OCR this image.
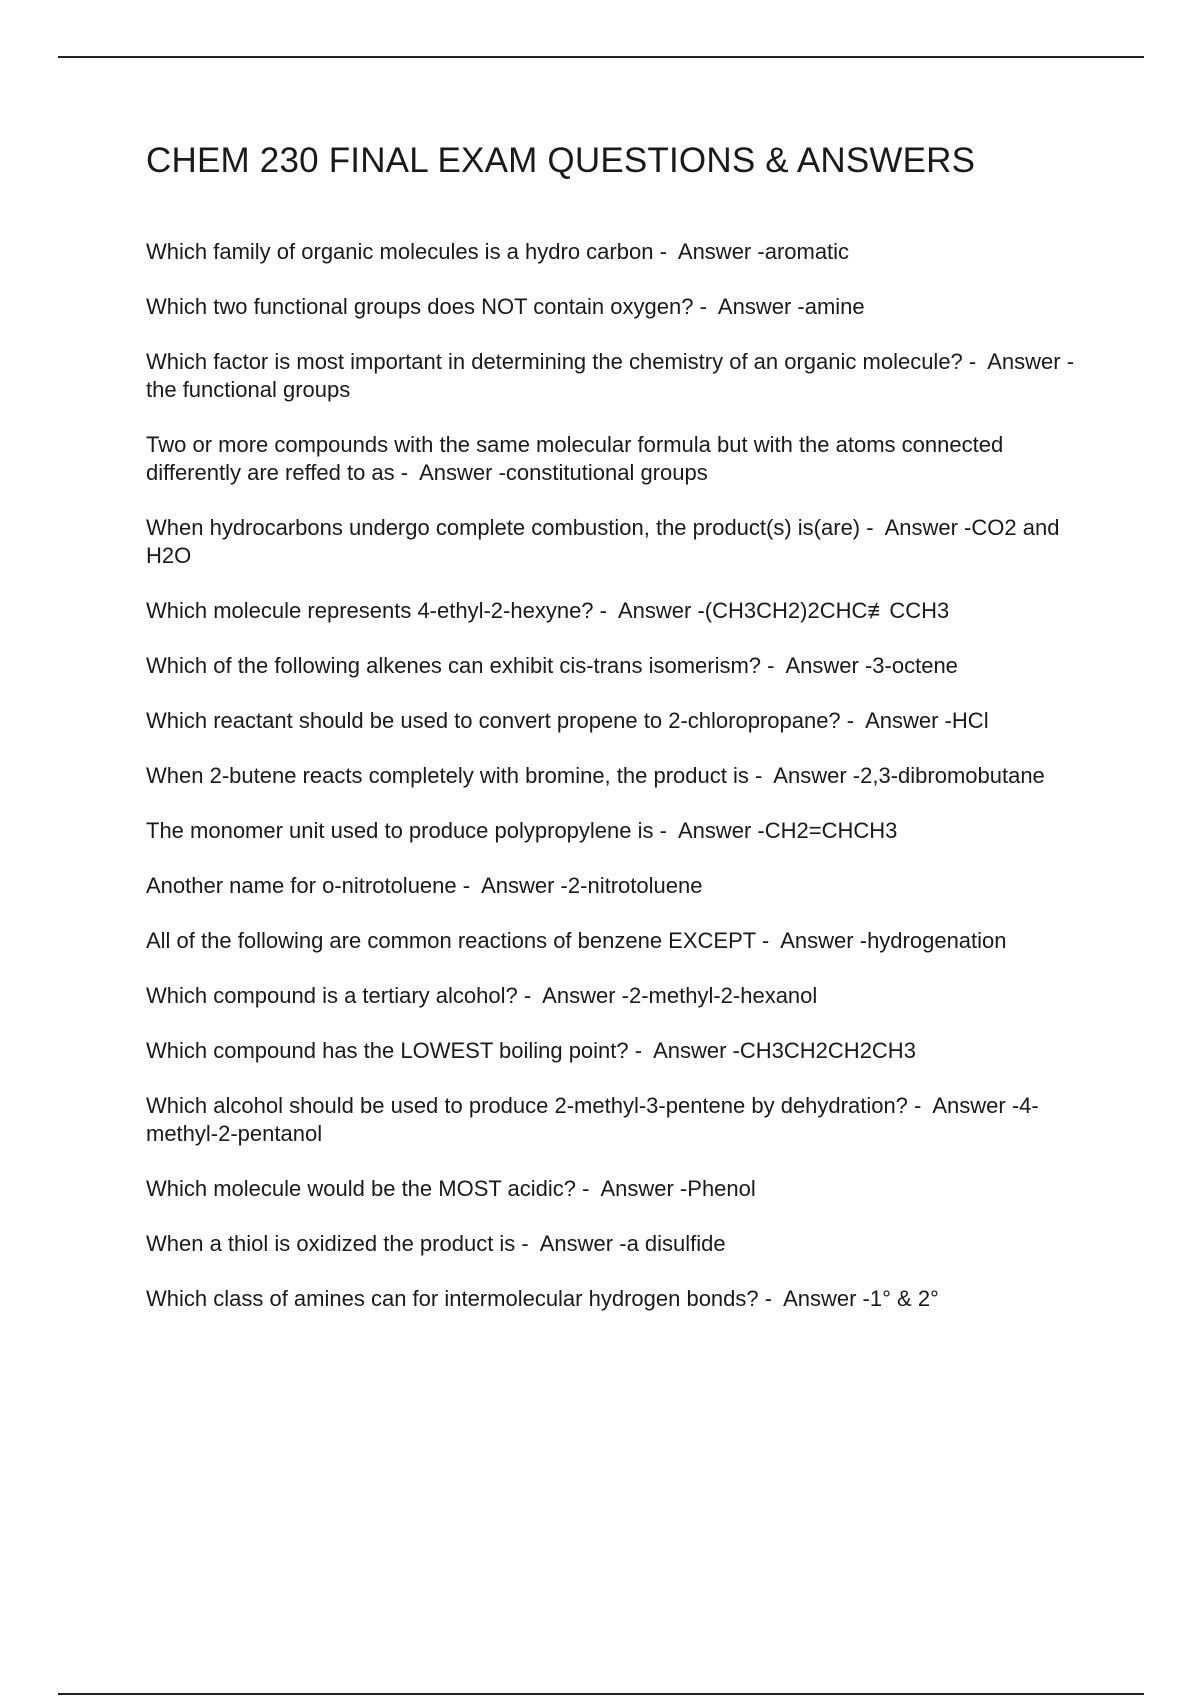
CHEM 230 FINAL EXAM QUESTIONS & ANSWERS
Which family of organic molecules is a hydro carbon -  Answer -aromatic
Which two functional groups does NOT contain oxygen? -  Answer -amine
Which factor is most important in determining the chemistry of an organic molecule? -  Answer -the functional groups
Two or more compounds with the same molecular formula but with the atoms connected differently are reffed to as -  Answer -constitutional groups
When hydrocarbons undergo complete combustion, the product(s) is(are) -  Answer -CO2 and H2O
Which molecule represents 4-ethyl-2-hexyne? -  Answer -(CH3CH2)2CHC≢CCH3
Which of the following alkenes can exhibit cis-trans isomerism? -  Answer -3-octene
Which reactant should be used to convert propene to 2-chloropropane? -  Answer -HCl
When 2-butene reacts completely with bromine, the product is -  Answer -2,3-dibromobutane
The monomer unit used to produce polypropylene is -  Answer -CH2=CHCH3
Another name for o-nitrotoluene -  Answer -2-nitrotoluene
All of the following are common reactions of benzene EXCEPT -  Answer -hydrogenation
Which compound is a tertiary alcohol? -  Answer -2-methyl-2-hexanol
Which compound has the LOWEST boiling point? -  Answer -CH3CH2CH2CH3
Which alcohol should be used to produce 2-methyl-3-pentene by dehydration? -  Answer -4-methyl-2-pentanol
Which molecule would be the MOST acidic? -  Answer -Phenol
When a thiol is oxidized the product is -  Answer -a disulfide
Which class of amines can for intermolecular hydrogen bonds? -  Answer -1° & 2°
